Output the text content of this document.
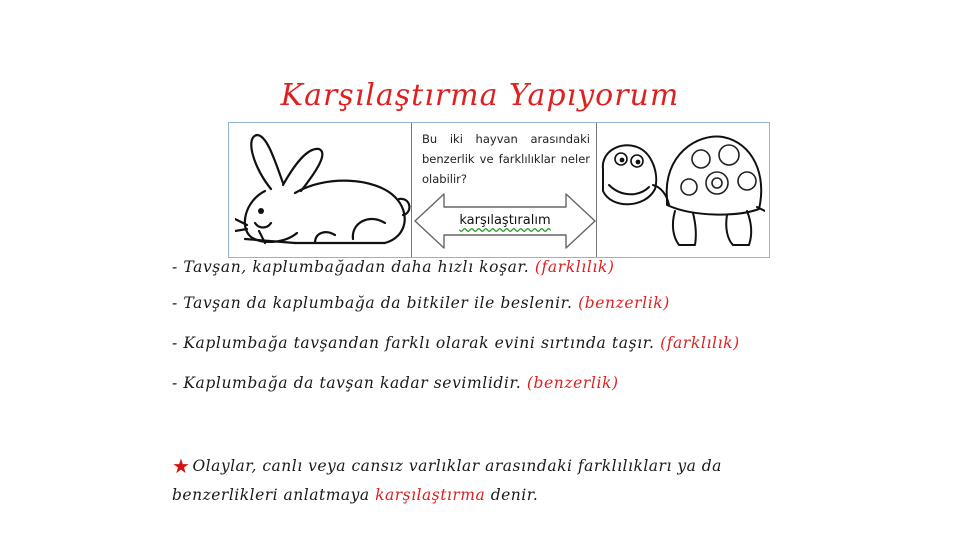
Karşılaştırma Yapıyorum

Bu iki hayvan arasındaki benzerlik ve farklılıklar neler olabilir?

karşılaştıralım
- Tavşan, kaplumbağadan daha hızlı koşar. (farklılık)
- Tavşan da kaplumbağa da bitkiler ile beslenir. (benzerlik)
- Kaplumbağa tavşandan farklı olarak evini sırtında taşır. (farklılık)
- Kaplumbağa da tavşan kadar sevimlidir. (benzerlik)
★ Olaylar, canlı veya cansız varlıklar arasındaki farklılıkları ya da benzerlikleri anlatmaya karşılaştırma denir.
